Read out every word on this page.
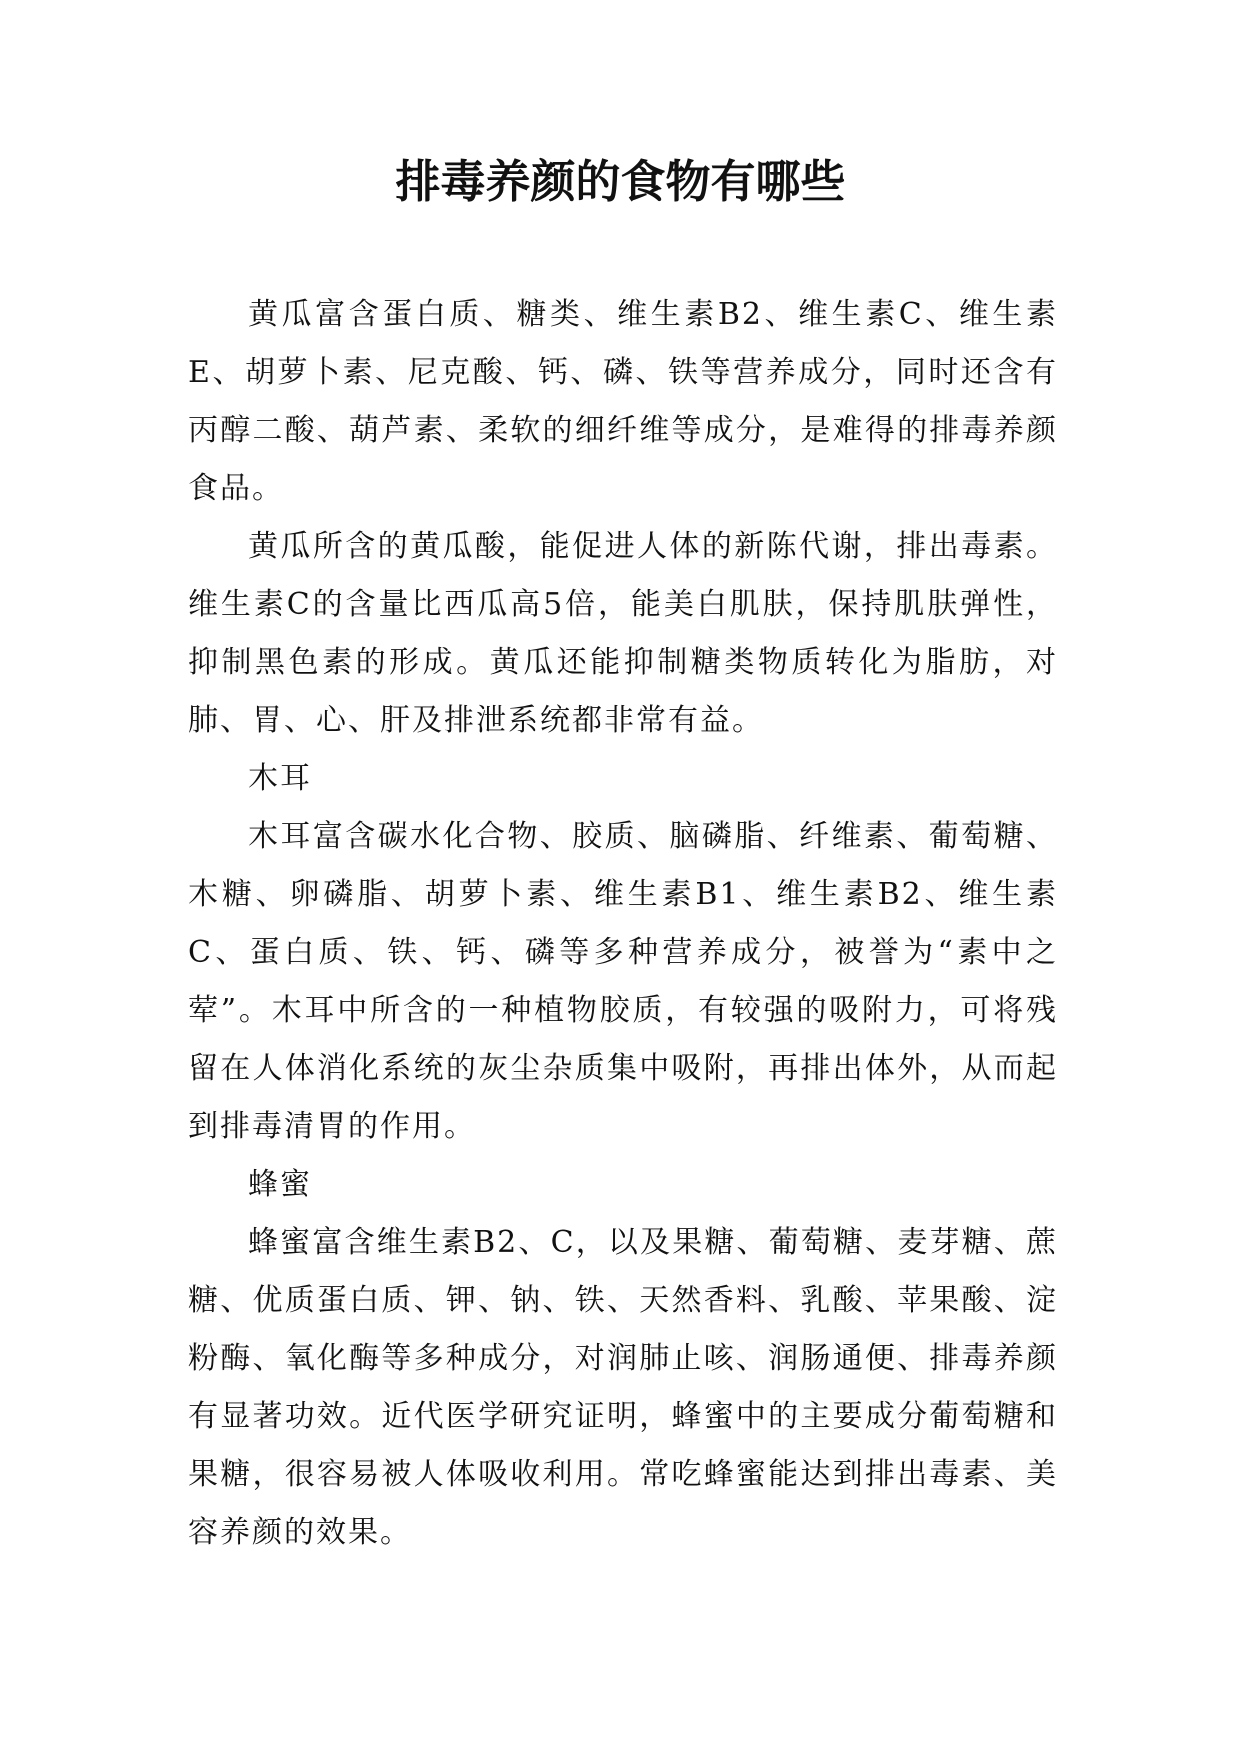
排毒养颜的食物有哪些

黄瓜富含蛋白质、糖类、维生素B2、维生素C、维生素E、胡萝卜素、尼克酸、钙、磷、铁等营养成分，同时还含有丙醇二酸、葫芦素、柔软的细纤维等成分，是难得的排毒养颜食品。

黄瓜所含的黄瓜酸，能促进人体的新陈代谢，排出毒素。维生素C的含量比西瓜高5倍，能美白肌肤，保持肌肤弹性，抑制黑色素的形成。黄瓜还能抑制糖类物质转化为脂肪，对肺、胃、心、肝及排泄系统都非常有益。

木耳

木耳富含碳水化合物、胶质、脑磷脂、纤维素、葡萄糖、木糖、卵磷脂、胡萝卜素、维生素B1、维生素B2、维生素C、蛋白质、铁、钙、磷等多种营养成分，被誉为“素中之荤”。木耳中所含的一种植物胶质，有较强的吸附力，可将残留在人体消化系统的灰尘杂质集中吸附，再排出体外，从而起到排毒清胃的作用。

蜂蜜

蜂蜜富含维生素B2、C，以及果糖、葡萄糖、麦芽糖、蔗糖、优质蛋白质、钾、钠、铁、天然香料、乳酸、苹果酸、淀粉酶、氧化酶等多种成分，对润肺止咳、润肠通便、排毒养颜有显著功效。近代医学研究证明，蜂蜜中的主要成分葡萄糖和果糖，很容易被人体吸收利用。常吃蜂蜜能达到排出毒素、美容养颜的效果。
